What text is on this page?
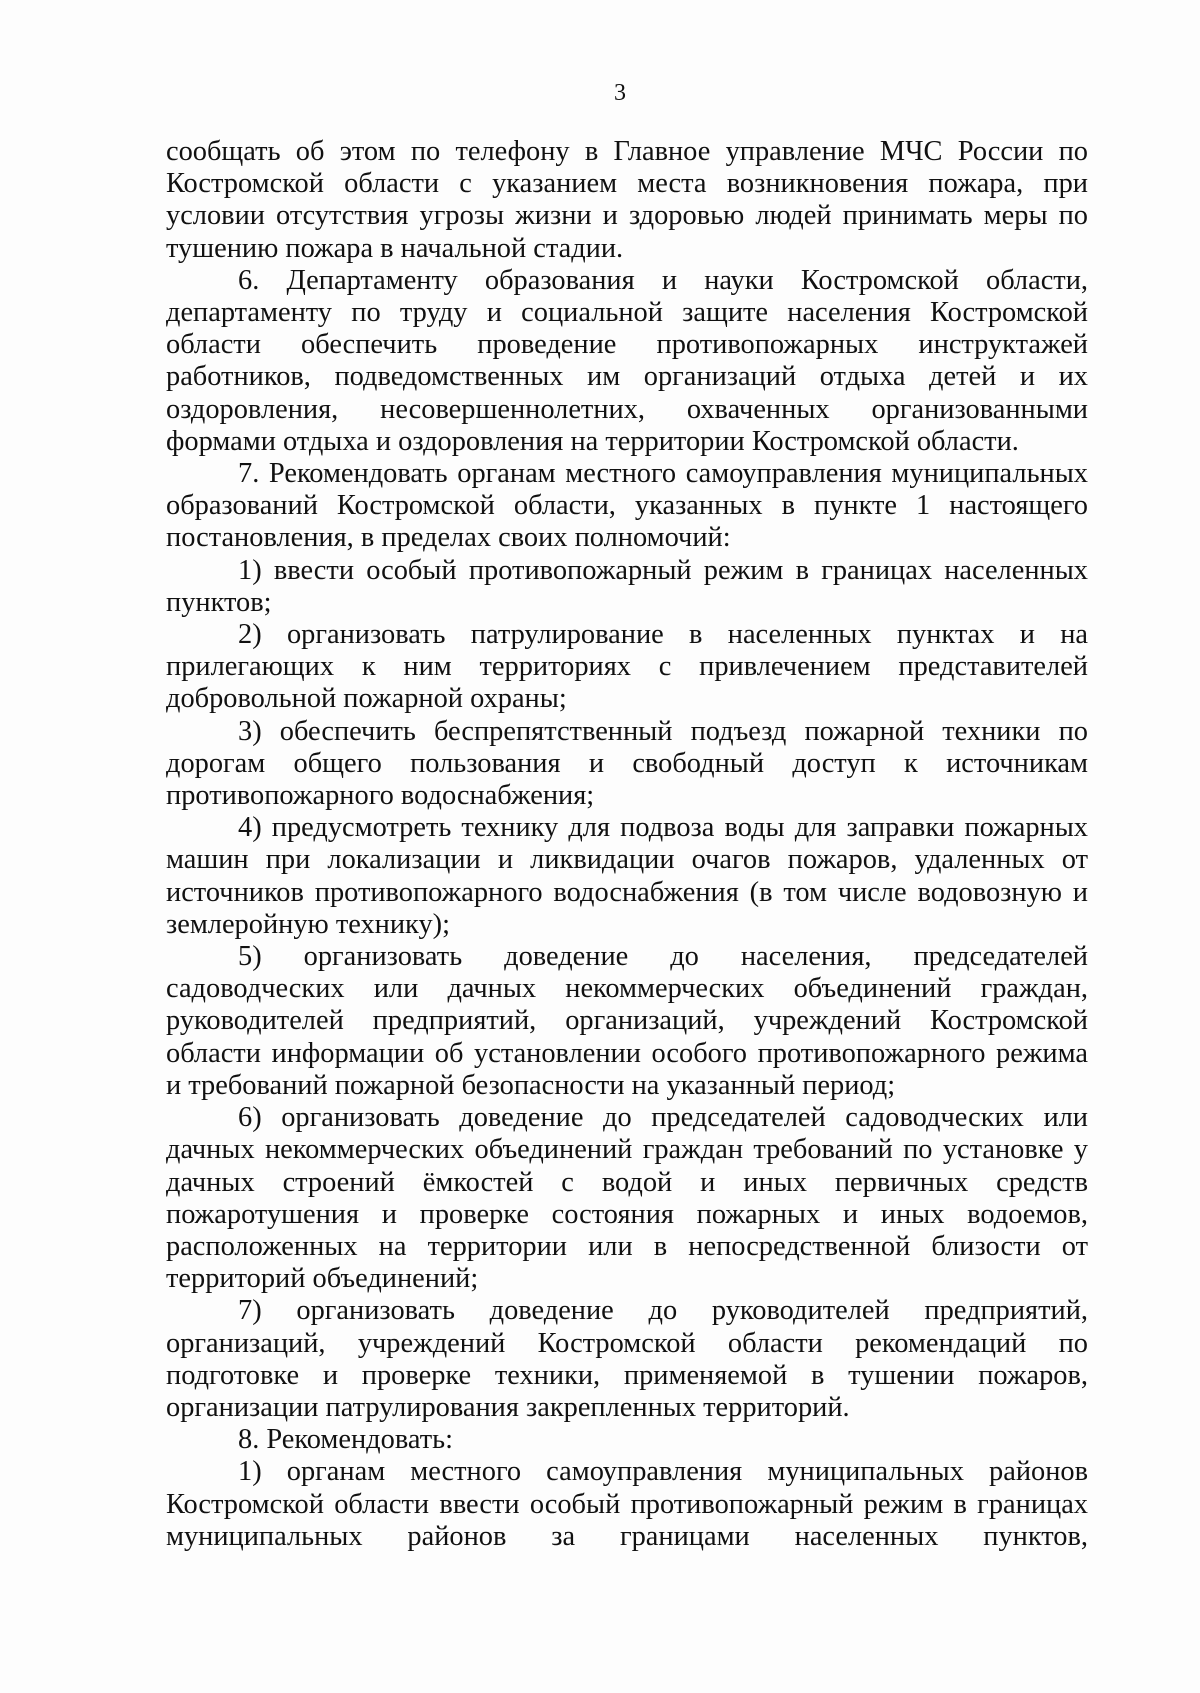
3

сообщать об этом по телефону в Главное управление МЧС России по Костромской области с указанием места возникновения пожара, при условии отсутствия угрозы жизни и здоровью людей принимать меры по тушению пожара в начальной стадии.

6. Департаменту образования и науки Костромской области, департаменту по труду и социальной защите населения Костромской области обеспечить проведение противопожарных инструктажей работников, подведомственных им организаций отдыха детей и их оздоровления, несовершеннолетних, охваченных организованными формами отдыха и оздоровления на территории Костромской области.

7. Рекомендовать органам местного самоуправления муниципальных образований Костромской области, указанных в пункте 1 настоящего постановления, в пределах своих полномочий:

1) ввести особый противопожарный режим в границах населенных пунктов;

2) организовать патрулирование в населенных пунктах и на прилегающих к ним территориях с привлечением представителей добровольной пожарной охраны;

3) обеспечить беспрепятственный подъезд пожарной техники по дорогам общего пользования и свободный доступ к источникам противопожарного водоснабжения;

4) предусмотреть технику для подвоза воды для заправки пожарных машин при локализации и ликвидации очагов пожаров, удаленных от источников противопожарного водоснабжения (в том числе водовозную и землеройную технику);

5) организовать доведение до населения, председателей садоводческих или дачных некоммерческих объединений граждан, руководителей предприятий, организаций, учреждений Костромской области информации об установлении особого противопожарного режима и требований пожарной безопасности на указанный период;

6) организовать доведение до председателей садоводческих или дачных некоммерческих объединений граждан требований по установке у дачных строений ёмкостей с водой и иных первичных средств пожаротушения и проверке состояния пожарных и иных водоемов, расположенных на территории или в непосредственной близости от территорий объединений;

7) организовать доведение до руководителей предприятий, организаций, учреждений Костромской области рекомендаций по подготовке и проверке техники, применяемой в тушении пожаров, организации патрулирования закрепленных территорий.

8. Рекомендовать:

1) органам местного самоуправления муниципальных районов Костромской области ввести особый противопожарный режим в границах муниципальных районов за границами населенных пунктов,
